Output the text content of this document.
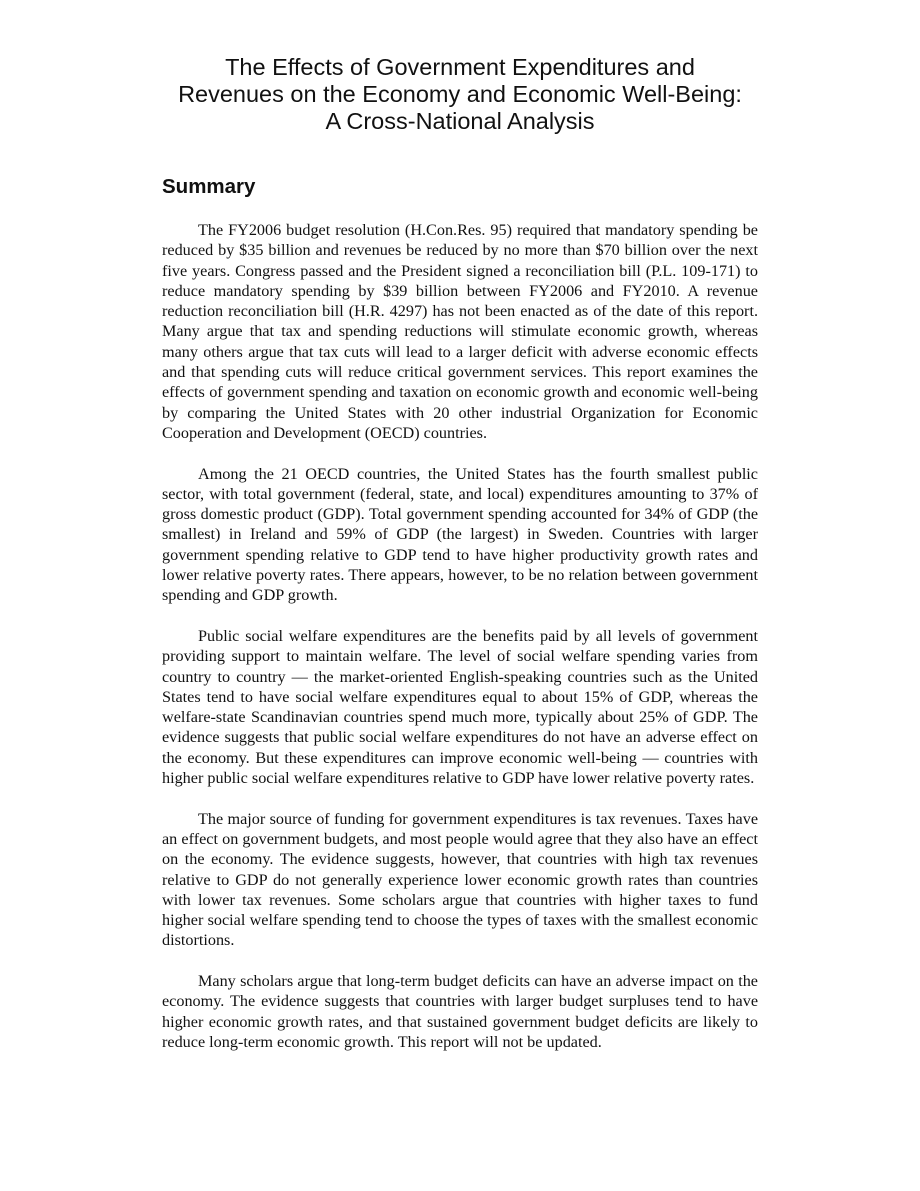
The Effects of Government Expenditures and
Revenues on the Economy and Economic Well-Being:
A Cross-National Analysis
Summary

The FY2006 budget resolution (H.Con.Res. 95) required that mandatory spending be reduced by $35 billion and revenues be reduced by no more than $70 billion over the next five years. Congress passed and the President signed a reconciliation bill (P.L. 109-171) to reduce mandatory spending by $39 billion between FY2006 and FY2010. A revenue reduction reconciliation bill (H.R. 4297) has not been enacted as of the date of this report. Many argue that tax and spending reductions will stimulate economic growth, whereas many others argue that tax cuts will lead to a larger deficit with adverse economic effects and that spending cuts will reduce critical government services. This report examines the effects of government spending and taxation on economic growth and economic well-being by comparing the United States with 20 other industrial Organization for Economic Cooperation and Development (OECD) countries.

Among the 21 OECD countries, the United States has the fourth smallest public sector, with total government (federal, state, and local) expenditures amounting to 37% of gross domestic product (GDP). Total government spending accounted for 34% of GDP (the smallest) in Ireland and 59% of GDP (the largest) in Sweden. Countries with larger government spending relative to GDP tend to have higher productivity growth rates and lower relative poverty rates. There appears, however, to be no relation between government spending and GDP growth.

Public social welfare expenditures are the benefits paid by all levels of government providing support to maintain welfare. The level of social welfare spending varies from country to country — the market-oriented English-speaking countries such as the United States tend to have social welfare expenditures equal to about 15% of GDP, whereas the welfare-state Scandinavian countries spend much more, typically about 25% of GDP. The evidence suggests that public social welfare expenditures do not have an adverse effect on the economy. But these expenditures can improve economic well-being — countries with higher public social welfare expenditures relative to GDP have lower relative poverty rates.

The major source of funding for government expenditures is tax revenues. Taxes have an effect on government budgets, and most people would agree that they also have an effect on the economy. The evidence suggests, however, that countries with high tax revenues relative to GDP do not generally experience lower economic growth rates than countries with lower tax revenues. Some scholars argue that countries with higher taxes to fund higher social welfare spending tend to choose the types of taxes with the smallest economic distortions.

Many scholars argue that long-term budget deficits can have an adverse impact on the economy. The evidence suggests that countries with larger budget surpluses tend to have higher economic growth rates, and that sustained government budget deficits are likely to reduce long-term economic growth. This report will not be updated.
